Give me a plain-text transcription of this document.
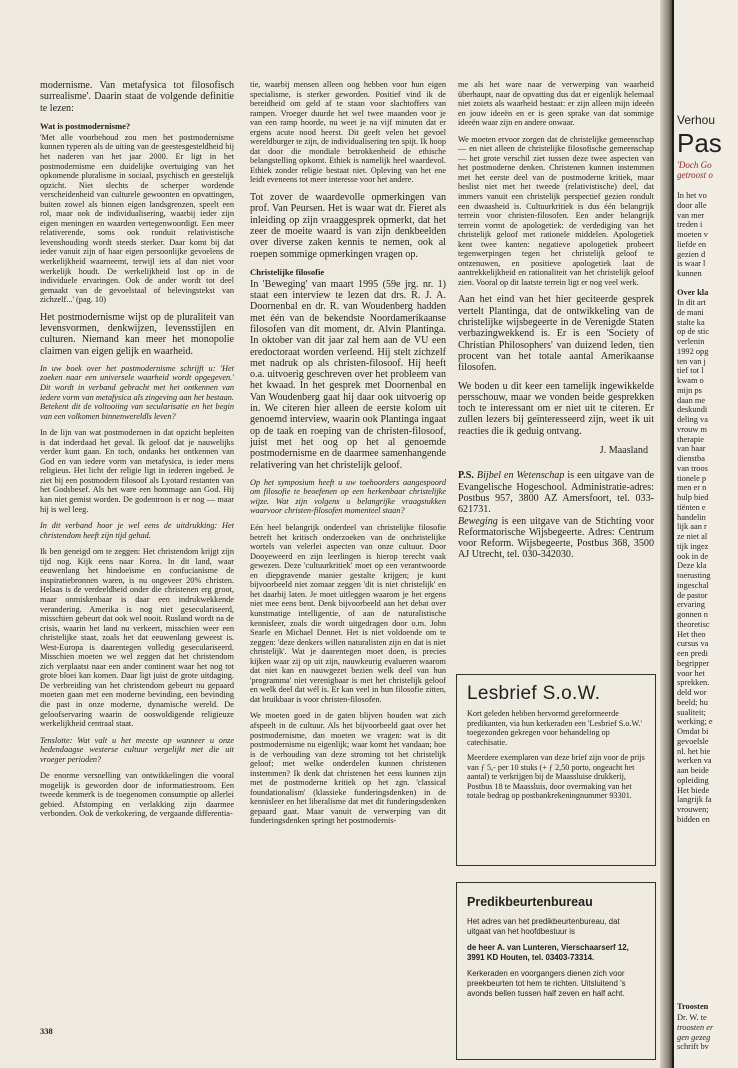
modernisme. Van metafysica tot filosofisch surrealisme'. Daarin staat de volgende definitie te lezen:

Wat is postmodernisme?

'Met alle voorbehoud zou men het postmodernisme kunnen typeren als de uiting van de geestesgesteldheid bij het naderen van het jaar 2000. Er ligt in het postmodernisme een duidelijke overtuiging van het opkomende pluralisme in sociaal, psychisch en geestelijk opzicht. Niet slechts de scherper wordende verscheidenheid van culturele gewoonten en opvattingen, buiten zowel als binnen eigen landsgrenzen, speelt een rol, maar ook de individualisering, waarbij ieder zijn eigen meningen en waarden vertegenwoordigt. Een meer relativerende, soms ook ronduit relativistische levenshouding wordt steeds sterker. Daar komt bij dat ieder vanuit zijn of haar eigen persoonlijke gevoelens de werkelijkheid waarneemt, terwijl iets al dan niet voor werkelijk houdt. De werkelijkheid lost op in de individuele ervaringen. Ook de ander wordt tot deel gemaakt van de gevoelstaal of belevingstekst van zichzelf...' (pag. 10)

Het postmodernisme wijst op de pluraliteit van levensvormen, denkwijzen, levensstijlen en culturen. Niemand kan meer het monopolie claimen van eigen gelijk en waarheid.

In uw boek over het postmodernisme schrijft u: 'Het zoeken naar een universele waarheid wordt opgegeven.' Dit wordt in verband gebracht met het ontkennen van iedere vorm van metafysica als zingeving aan het bestaan. Betekent dit de voltooiing van secularisatie en het begin van een volkomen binnenwereldls leven?

In de lijn van wat postmodernen in dat opzicht bepleiten is dat inderdaad het geval. Ik geloof dat je nauwelijks verder kunt gaan. En toch, ondanks het ontkennen van God en van iedere vorm van metafysica, is ieder mens religieus. Het licht der religie ligt in iederen ingebed. Je ziet bij een postmodern filosoof als Lyotard restanten van het Godsbesef. Als het ware een hommage aan God. Hij kan niet gemist worden. De godentroon is er nog — maar hij is wel leeg.

In dit verband hoor je wel eens de uitdrukking: Het christendom heeft zijn tijd gehad.

Ik ben geneigd om te zeggen: Het christendom krijgt zijn tijd nog. Kijk eens naar Korea. In dit land, waar eeuwenlang het hindoeïsme en confucianisme de inspiratiebronnen waren, is nu ongeveer 20% christen. Helaas is de verdeeldheid onder die christenen erg groot, maar onmiskenbaar is daar een indrukwekkende verandering. Amerika is nog niet geseculariseerd, misschien gebeurt dat ook wel nooit. Rusland wordt na de crisis, waarin het land nu verkeert, misschien weer een christelijke staat, zoals het dat eeuwenlang geweest is. West-Europa is daarentegen volledig geseculariseerd. Misschien moeten we wel zeggen dat het christendom zich verplaatst naar een ander continent waar het nog tot grote bloei kan komen. Daar ligt juist de grote uitdaging. De verbreiding van het christendom gebeurt nu gepaard moeten gaan met een moderne bevinding, een bevinding die past in onze moderne, dynamische wereld. De geloofservaring waarin de ooswoldigende religieuze werkelijkheid centraal staat.

Tenslotte: Wat valt u het meeste op wanneer u onze hedendaagse westerse cultuur vergelijkt met die uit vroeger perioden?

De enorme versnelling van ontwikkelingen die vooral mogelijk is geworden door de informatiestroom. Een tweede kenmerk is de toegenomen consumptie op allerlei gebied. Afstomping en verlakking zijn daarmee verbonden. Ook de verkokering, de vergaande differentia-

tie, waarbij mensen alleen oog hebben voor hun eigen specialisme, is sterker geworden. Positief vind ik de bereidheid om geld af te staan voor slachtoffers van rampen. Vroeger duurde het wel twee maanden voor je van een ramp hoorde, nu weet je na vijf minuten dat er ergens acute nood heerst. Dit geeft velen het gevoel wereldburger te zijn, de individualisering ten spijt. Ik hoop dat door die mondiale betrokkenheid de ethische belangstelling opkomt. Ethiek is namelijk heel waardevol. Ethiek zonder religie bestaat niet. Opleving van het ene leidt eveneens tot meer interesse voor het andere.

Tot zover de waardevolle opmerkingen van prof. Van Peursen. Het is waar wat dr. Fieret als inleiding op zijn vraaggesprek opmerkt, dat het zeer de moeite waard is van zijn denkbeelden over diverse zaken kennis te nemen, ook al roepen sommige opmerkingen vragen op.

Christelijke filosofie

In 'Beweging' van maart 1995 (59e jrg. nr. 1) staat een interview te lezen dat drs. R. J. A. Doornenbal en dr. R. van Woudenberg hadden met één van de bekendste Noordamerikaanse filosofen van dit moment, dr. Alvin Plantinga. In oktober van dit jaar zal hem aan de VU een eredoctoraat worden verleend. Hij stelt zichzelf met nadruk op als christen-filosoof. Hij heeft o.a. uitvoerig geschreven over het probleem van het kwaad. In het gesprek met Doornenbal en Van Woudenberg gaat hij daar ook uitvoerig op in. We citeren hier alleen de eerste kolom uit genoemd interview, waarin ook Plantinga ingaat op de taak en roeping van de christen-filosoof, juist met het oog op het al genoemde postmodernisme en de daarmee samenhangende relativering van het christelijk geloof.

Op het symposium heeft u uw toehoorders aangespoord om filosofie te beoefenen op een herkenbaar christelijke wijze. Wat zijn volgens u belangrijke vraagstukken waarvoor christen-filosofen momenteel staan?

Eén heel belangrijk onderdeel van christelijke filosofie betreft het kritisch onderzoeken van de onchristelijke wortels van velerlei aspecten van onze cultuur. Door Dooyeweerd en zijn leerlingen is hierop terecht vaak gewezen. Deze 'cultuurkritiek' moet op een verantwoorde en diepgravende manier gestalte krijgen; je kunt bijvoorbeeld niet zomaar zeggen 'dit is niet christelijk' en het daarbij laten. Je moet uitleggen waarom je het ergens niet mee eens bent. Denk bijvoorbeeld aan het debat over kunstmatige intelligentie, of aan de naturalistische kennisleer, zoals die wordt uitgedragen door o.m. John Searle en Michael Dennet. Het is niet voldoende om te zeggen: 'deze denkers willen naturalisten zijn en dat is niet christelijk'. Wat je daarentegen moet doen, is precies kijken waar zij op uit zijn, nauwkeurig evalueren waarom dat niet kan en nauwgezet bezien welk deel van hun 'programma' niet verenigbaar is met het christelijk geloof en welk deel dat wél is. Er kan veel in hun filosofie zitten, dat bruikbaar is voor christen-filosofen.

We moeten goed in de gaten blijven houden wat zich afspeelt in de cultuur. Als het bijvoorbeeld gaat over het postmodernisme, dan moeten we vragen: wat is dit postmodernisme nu eigenlijk; waar komt het vandaan; hoe is de verhouding van deze stroming tot het christelijk geloof; met welke onderdelen kunnen christenen instemmen? Ik denk dat christenen het eens kunnen zijn met de postmoderne kritiek op het zgn. 'classical foundationalism' (klassieke funderingsdenken) in de kennisleer en het liberalisme dat met dit funderingsdenken gepaard gaat. Maar vanuit de verwerping van dit funderingsdenken springt het postmodernis-

me als het ware naar de verwerping van waarheid überhaupt, naar de opvatting dus dat er eigenlijk helemaal niet zoiets als waarheid bestaat: er zijn alleen mijn ideeën en jouw ideeën en er is geen sprake van dat sommige ideeën waar zijn en andere onwaar.

We moeten ervoor zorgen dat de christelijke gemeenschap — en niet alleen de christelijke filosofische gemeenschap — het grote verschil ziet tussen deze twee aspecten van het postmoderne denken. Christenen kunnen instemmen met het eerste deel van de postmoderne kritiek, maar beslist niet met het tweede (relativistische) deel, dat immers vanuit een christelijk perspectief gezien rondult een dwaasheid is. Cultuurkritiek is dus één belangrijk terrein voor christen-filosofen. Een ander belangrijk terrein vormt de apologetiek: de verdediging van het christelijk geloof met rationele middelen. Apologetiek kent twee kanten: negatieve apologetiek probeert tegenwerpingen tegen het christelijk geloof te ontzenuwen, en positieve apologetiek laat de aantrekkelijkheid en rationaliteit van het christelijk geloof zien. Vooral op dit laatste terrein ligt er nog veel werk.

Aan het eind van het hier geciteerde gesprek vertelt Plantinga, dat de ontwikkeling van de christelijke wijsbegeerte in de Verenigde Staten verbazingwekkend is. Er is een 'Society of Christian Philosophers' van duizend leden, tien procent van het totale aantal Amerikaanse filosofen.

We boden u dit keer een tamelijk ingewikkelde persschouw, maar we vonden beide gesprekken toch te interessant om er niet uit te citeren. Er zullen lezers bij geïnteresseerd zijn, weet ik uit reacties die ik geduig ontvang.

J. Maasland

P.S. Bijbel en Wetenschap is een uitgave van de Evangelische Hogeschool. Administratie-adres: Postbus 957, 3800 AZ Amersfoort, tel. 033-621731.
Beweging is een uitgave van de Stichting voor Reformatorische Wijsbegeerte. Adres: Centrum voor Reform. Wijsbegeerte, Postbus 368, 3500 AJ Utrecht, tel. 030-342030.

Lesbrief S.o.W.

Kort geleden hebben hervormd gereformeerde predikanten, via hun kerkeraden een 'Lesbrief S.o.W.' toegezonden gekregen voor behandeling op catechisatie.

Meerdere exemplaren van deze brief zijn voor de prijs van ƒ 5,- per 10 stuks (+ ƒ 2,50 porto, ongeacht het aantal) te verkrijgen bij de Maassluise drukkerij, Postbus 18 te Maassluis, door overmaking van het totale bedrag op postbankrekeningnummer 93301.

Predikbeurtenbureau

Het adres van het predikbeurtenbureau, dat uitgaat van het hoofdbestuur is

de heer A. van Lunteren, Vierschaarserf 12, 3991 KD Houten, tel. 03403-73314.

Kerkeraden en voorgangers dienen zich voor preekbeurten tot hem te richten. Uitsluitend 's avonds bellen tussen half zeven en half acht.

338
Verhou
Pas
'Doch Go
getroost o
In het vo
door alle
van mer
treden i
moeten v
liefde en
gezien d
is waar l
kunnen
Over kla
In dit art
de mani
stalte ka
op de stic
verlenin
1992 opg
ten van j
tief tot l
kwam o
mijn ps
daan me
deskundi
deling va
vrouw m
therapie
van haar
dienstba
van troos
tionele p
men er n
hulp bied
tiënten e
handelin
lijk aan r
ze niet al
tijk ingez
ook in de
Deze kla
toerusting
ingeschal
de pastor
ervaring
gonnen n
theoretisc
Het theo
cursus va
een predi
begripper
voor het
sprekken.
deld wor
beeld; hu
sualiteit;
werking; e
Omdat bi
gevoelsle
nl. het bie
werken va
aan beide
opleiding
Het biede
langrijk fa
vrouwen;
bidden en
Troosten
Dr. W. te
troosten er
gen gezeg
schrift bv
